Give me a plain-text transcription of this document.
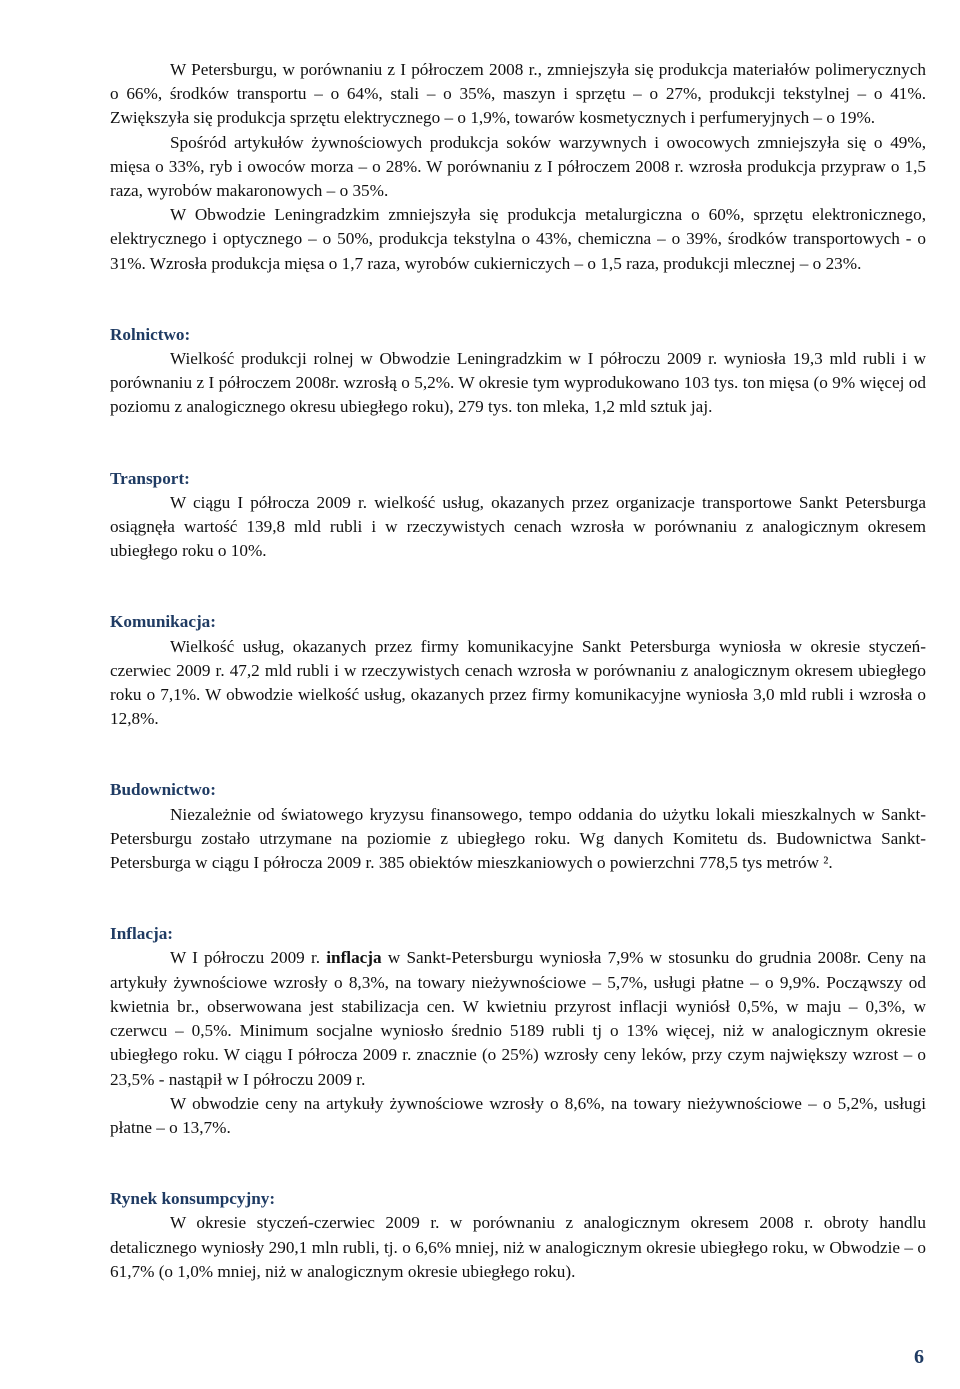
W Petersburgu, w porównaniu z I półroczem 2008 r., zmniejszyła się produkcja materiałów polimerycznych o 66%, środków transportu – o 64%, stali – o 35%, maszyn i sprzętu – o 27%, produkcji tekstylnej – o 41%. Zwiększyła się produkcja sprzętu elektrycznego – o 1,9%, towarów kosmetycznych i perfumeryjnych – o 19%.

Spośród artykułów żywnościowych produkcja soków warzywnych i owocowych zmniejszyła się o 49%, mięsa o 33%, ryb i owoców morza – o 28%. W porównaniu z I półroczem 2008 r. wzrosła produkcja przypraw o 1,5 raza, wyrobów makaronowych – o 35%.

W Obwodzie Leningradzkim zmniejszyła się produkcja metalurgiczna o 60%, sprzętu elektronicznego, elektrycznego i optycznego – o 50%, produkcja tekstylna o 43%, chemiczna – o 39%, środków transportowych - o 31%. Wzrosła produkcja mięsa o 1,7 raza, wyrobów cukierniczych – o 1,5 raza, produkcji mlecznej – o 23%.

Rolnictwo:

Wielkość produkcji rolnej w Obwodzie Leningradzkim w I półroczu 2009 r. wyniosła 19,3 mld rubli i w porównaniu z I półroczem 2008r. wzrosłą o 5,2%. W okresie tym wyprodukowano 103 tys. ton mięsa (o 9% więcej od poziomu z analogicznego okresu ubiegłego roku), 279 tys. ton mleka, 1,2 mld sztuk jaj.

Transport:

W ciągu I półrocza 2009 r. wielkość usług, okazanych przez organizacje transportowe Sankt Petersburga osiągnęła wartość 139,8 mld rubli i w rzeczywistych cenach wzrosła w porównaniu z analogicznym okresem ubiegłego roku o 10%.

Komunikacja:

Wielkość usług, okazanych przez firmy komunikacyjne Sankt Petersburga wyniosła w okresie styczeń- czerwiec 2009 r. 47,2 mld rubli i w rzeczywistych cenach wzrosła w porównaniu z analogicznym okresem ubiegłego roku o 7,1%. W obwodzie wielkość usług, okazanych przez firmy komunikacyjne wyniosła 3,0 mld rubli i wzrosła o 12,8%.

Budownictwo:

Niezależnie od światowego kryzysu finansowego, tempo oddania do użytku lokali mieszkalnych w Sankt-Petersburgu zostało utrzymane na poziomie z ubiegłego roku. Wg danych Komitetu ds. Budownictwa Sankt-Petersburga w ciągu I półrocza 2009 r. 385 obiektów mieszkaniowych o powierzchni 778,5 tys metrów ².

Inflacja:

W I półroczu 2009 r. inflacja w Sankt-Petersburgu wyniosła 7,9% w stosunku do grudnia 2008r. Ceny na artykuły żywnościowe wzrosły o 8,3%, na towary nieżywnościowe – 5,7%, usługi płatne – o 9,9%. Począwszy od kwietnia br., obserwowana jest stabilizacja cen. W kwietniu przyrost inflacji wyniósł 0,5%, w maju – 0,3%, w czerwcu – 0,5%. Minimum socjalne wyniosło średnio 5189 rubli tj o 13% więcej, niż w analogicznym okresie ubiegłego roku. W ciągu I półrocza 2009 r. znacznie (o 25%) wzrosły ceny leków, przy czym największy wzrost – o 23,5% - nastąpił w I półroczu 2009 r.

W obwodzie ceny na artykuły żywnościowe wzrosły o 8,6%, na towary nieżywnościowe – o 5,2%, usługi płatne – o 13,7%.

Rynek konsumpcyjny:

W okresie styczeń-czerwiec 2009 r. w porównaniu z analogicznym okresem 2008 r. obroty handlu detalicznego wyniosły 290,1 mln rubli, tj. o 6,6% mniej, niż w analogicznym okresie ubiegłego roku, w Obwodzie – o 61,7% (o 1,0% mniej, niż w analogicznym okresie ubiegłego roku).

6
